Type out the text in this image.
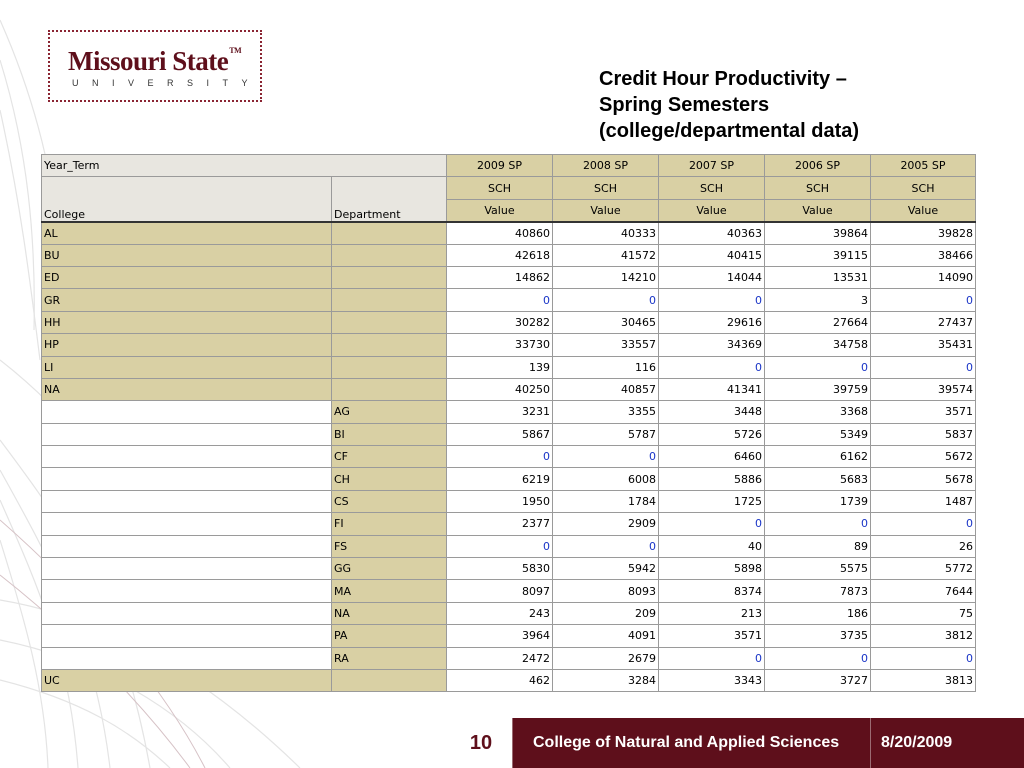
Missouri State™
UNIVERSITY	Credit Hour Productivity –
Spring Semesters
(college/departmental data)
Year_Term		2009 SP	2008 SP	2007 SP	2006 SP	2005 SP
College	Department	SCH	SCH	SCH	SCH	SCH
		Value	Value	Value	Value	Value
AL		40860	40333	40363	39864	39828
BU		42618	41572	40415	39115	38466
ED		14862	14210	14044	13531	14090
GR		0	0	0	3	0
HH		30282	30465	29616	27664	27437
HP		33730	33557	34369	34758	35431
LI		139	116	0	0	0
NA		40250	40857	41341	39759	39574
	AG	3231	3355	3448	3368	3571
	BI	5867	5787	5726	5349	5837
	CF	0	0	6460	6162	5672
	CH	6219	6008	5886	5683	5678
	CS	1950	1784	1725	1739	1487
	FI	2377	2909	0	0	0
	FS	0	0	40	89	26
	GG	5830	5942	5898	5575	5772
	MA	8097	8093	8374	7873	7644
	NA	243	209	213	186	75
	PA	3964	4091	3571	3735	3812
	RA	2472	2679	0	0	0
UC		462	3284	3343	3727	3813
10	College of Natural and Applied Sciences	8/20/2009
